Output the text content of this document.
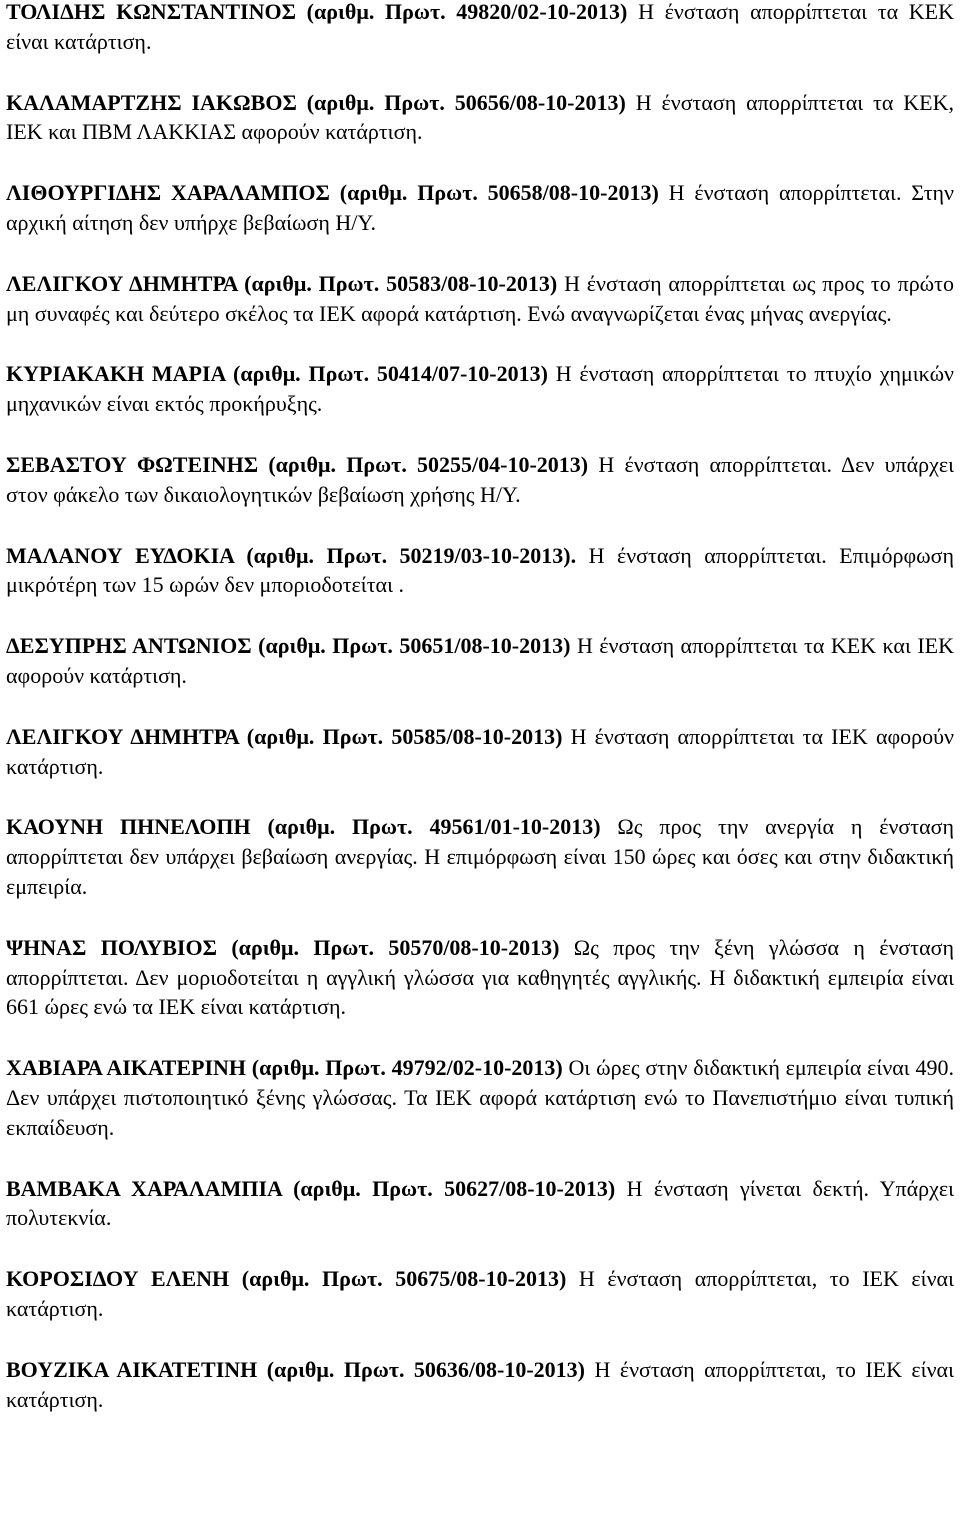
ΤΟΛΙΔΗΣ ΚΩΝΣΤΑΝΤΙΝΟΣ (αριθμ. Πρωτ. 49820/02-10-2013) Η ένσταση απορρίπτεται τα ΚΕΚ είναι κατάρτιση.

ΚΑΛΑΜΑΡΤΖΗΣ ΙΑΚΩΒΟΣ (αριθμ. Πρωτ. 50656/08-10-2013) Η ένσταση απορρίπτεται τα ΚΕΚ, ΙΕΚ και ΠΒΜ ΛΑΚΚΙΑΣ αφορούν κατάρτιση.

ΛΙΘΟΥΡΓΙΔΗΣ ΧΑΡΑΛΑΜΠΟΣ (αριθμ. Πρωτ. 50658/08-10-2013) Η ένσταση απορρίπτεται. Στην αρχική αίτηση δεν υπήρχε βεβαίωση Η/Υ.

ΛΕΛΙΓΚΟΥ ΔΗΜΗΤΡΑ (αριθμ. Πρωτ. 50583/08-10-2013) Η ένσταση απορρίπτεται ως προς το πρώτο μη συναφές και δεύτερο σκέλος τα ΙΕΚ αφορά κατάρτιση. Ενώ αναγνωρίζεται ένας μήνας ανεργίας.

ΚΥΡΙΑΚΑΚΗ ΜΑΡΙΑ (αριθμ. Πρωτ. 50414/07-10-2013) Η ένσταση απορρίπτεται το πτυχίο χημικών μηχανικών είναι εκτός προκήρυξης.

ΣΕΒΑΣΤΟΥ ΦΩΤΕΙΝΗΣ (αριθμ. Πρωτ. 50255/04-10-2013) Η ένσταση απορρίπτεται. Δεν υπάρχει στον φάκελο των δικαιολογητικών βεβαίωση χρήσης Η/Υ.

ΜΑΛΑΝΟΥ ΕΥΔΟΚΙΑ (αριθμ. Πρωτ. 50219/03-10-2013). Η ένσταση απορρίπτεται. Επιμόρφωση μικρότέρη των 15 ωρών δεν μποριοδοτείται .

ΔΕΣΥΠΡΗΣ ΑΝΤΩΝΙΟΣ (αριθμ. Πρωτ. 50651/08-10-2013) Η ένσταση απορρίπτεται τα ΚΕΚ και ΙΕΚ αφορούν κατάρτιση.

ΛΕΛΙΓΚΟΥ ΔΗΜΗΤΡΑ (αριθμ. Πρωτ. 50585/08-10-2013) Η ένσταση απορρίπτεται τα ΙΕΚ αφορούν κατάρτιση.

ΚΑΟΥΝΗ ΠΗΝΕΛΟΠΗ (αριθμ. Πρωτ. 49561/01-10-2013) Ως προς την ανεργία η ένσταση απορρίπτεται δεν υπάρχει βεβαίωση ανεργίας. Η επιμόρφωση είναι 150 ώρες και όσες και στην διδακτική εμπειρία.

ΨΗΝΑΣ ΠΟΛΥΒΙΟΣ (αριθμ. Πρωτ. 50570/08-10-2013) Ως προς την ξένη γλώσσα η ένσταση απορρίπτεται. Δεν μοριοδοτείται η αγγλική γλώσσα για καθηγητές αγγλικής. Η διδακτική εμπειρία είναι 661 ώρες ενώ τα ΙΕΚ είναι κατάρτιση.

ΧΑΒΙΑΡΑ ΑΙΚΑΤΕΡΙΝΗ (αριθμ. Πρωτ. 49792/02-10-2013) Οι ώρες στην διδακτική εμπειρία είναι 490. Δεν υπάρχει πιστοποιητικό ξένης γλώσσας. Τα ΙΕΚ αφορά κατάρτιση ενώ το Πανεπιστήμιο είναι τυπική εκπαίδευση.

ΒΑΜΒΑΚΑ ΧΑΡΑΛΑΜΠΙΑ (αριθμ. Πρωτ. 50627/08-10-2013) Η ένσταση γίνεται δεκτή. Υπάρχει πολυτεκνία.

ΚΟΡΟΣΙΔΟΥ ΕΛΕΝΗ (αριθμ. Πρωτ. 50675/08-10-2013) Η ένσταση απορρίπτεται, το ΙΕΚ είναι κατάρτιση.

ΒΟΥΖΙΚΑ ΑΙΚΑΤΕΤΙΝΗ (αριθμ. Πρωτ. 50636/08-10-2013) Η ένσταση απορρίπτεται, το ΙΕΚ είναι κατάρτιση.
